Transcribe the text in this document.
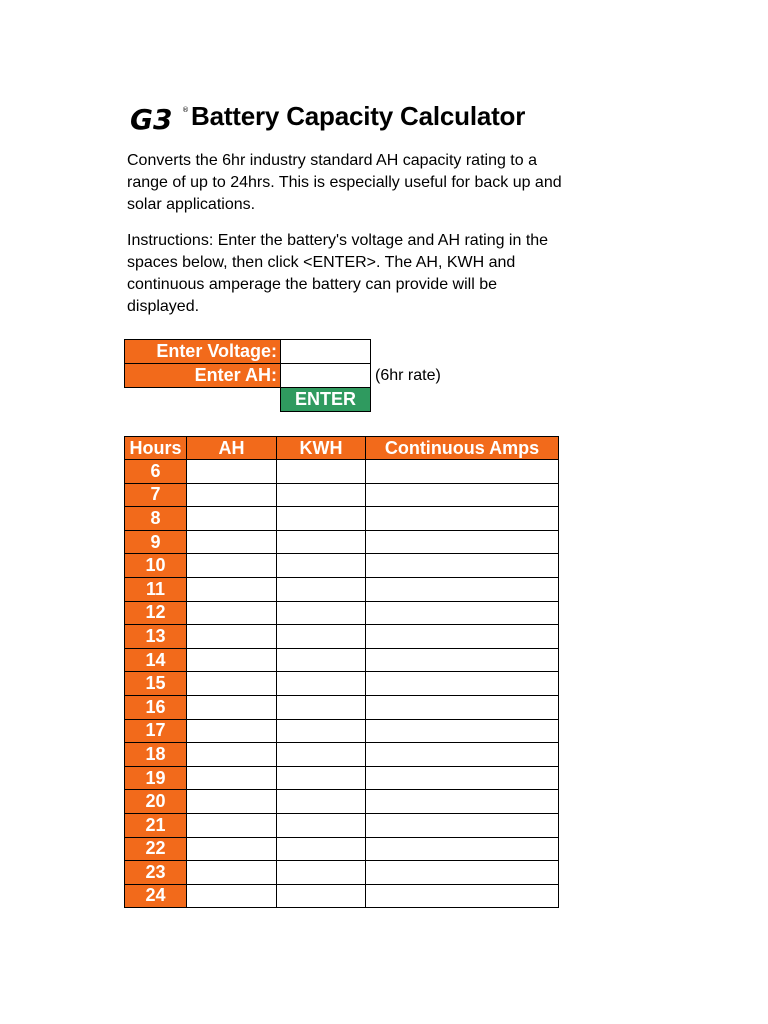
G3 ® Battery Capacity Calculator
Converts the 6hr industry standard AH capacity rating to a range of up to 24hrs. This is especially useful for back up and solar applications.
Instructions: Enter the battery's voltage and AH rating in the spaces below, then click <ENTER>. The AH, KWH and continuous amperage the battery can provide will be displayed.
Enter Voltage:		
Enter AH:		(6hr rate)
	ENTER	
Hours	AH	KWH	Continuous Amps
6			
7			
8			
9			
10			
11			
12			
13			
14			
15			
16			
17			
18			
19			
20			
21			
22			
23			
24			
